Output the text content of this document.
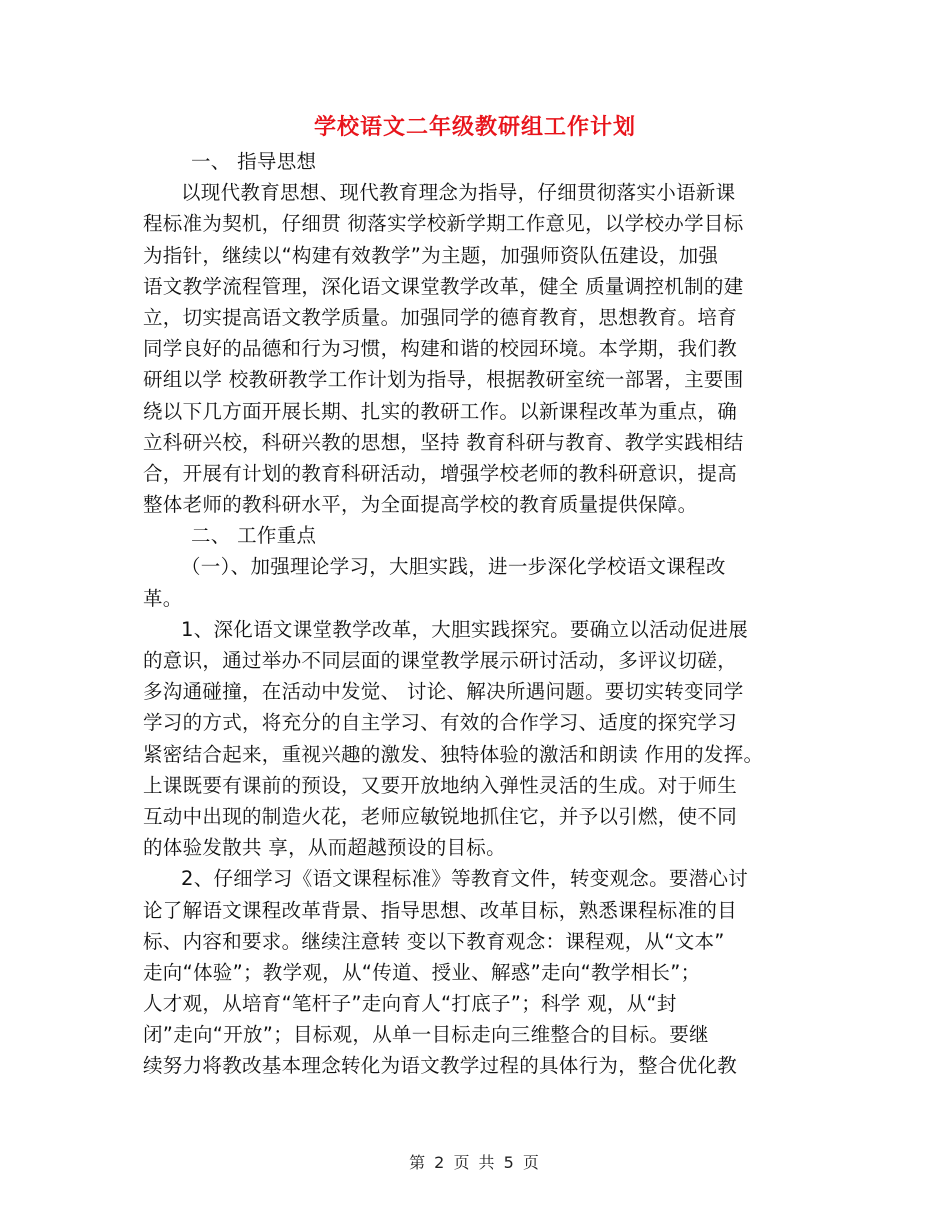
学校语文二年级教研组工作计划
一、 指导思想
以现代教育思想、现代教育理念为指导，仔细贯彻落实小语新课
程标准为契机，仔细贯 彻落实学校新学期工作意见，以学校办学目标
为指针，继续以“构建有效教学”为主题，加强师资队伍建设，加强
语文教学流程管理，深化语文课堂教学改革，健全 质量调控机制的建
立，切实提高语文教学质量。加强同学的德育教育，思想教育。培育
同学良好的品德和行为习惯，构建和谐的校园环境。本学期，我们教
研组以学 校教研教学工作计划为指导，根据教研室统一部署，主要围
绕以下几方面开展长期、扎实的教研工作。以新课程改革为重点，确
立科研兴校，科研兴教的思想，坚持 教育科研与教育、教学实践相结
合，开展有计划的教育科研活动，增强学校老师的教科研意识，提高
整体老师的教科研水平，为全面提高学校的教育质量提供保障。
二、 工作重点
（一）、加强理论学习，大胆实践，进一步深化学校语文课程改
革。
1、深化语文课堂教学改革，大胆实践探究。要确立以活动促进展
的意识，通过举办不同层面的课堂教学展示研讨活动，多评议切磋，
多沟通碰撞，在活动中发觉、 讨论、解决所遇问题。要切实转变同学
学习的方式，将充分的自主学习、有效的合作学习、适度的探究学习
紧密结合起来，重视兴趣的激发、独特体验的激活和朗读 作用的发挥。
上课既要有课前的预设，又要开放地纳入弹性灵活的生成。对于师生
互动中出现的制造火花，老师应敏锐地抓住它，并予以引燃，使不同
的体验发散共 享，从而超越预设的目标。
2、仔细学习《语文课程标准》等教育文件，转变观念。要潜心讨
论了解语文课程改革背景、指导思想、改革目标，熟悉课程标准的目
标、内容和要求。继续注意转 变以下教育观念：课程观，从“文本”
走向“体验”；教学观，从“传道、授业、解惑”走向“教学相长”；
人才观，从培育“笔杆子”走向育人“打底子”；科学 观，从“封
闭”走向“开放”；目标观，从单一目标走向三维整合的目标。要继
续努力将教改基本理念转化为语文教学过程的具体行为，整合优化教
第 2 页 共 5 页
